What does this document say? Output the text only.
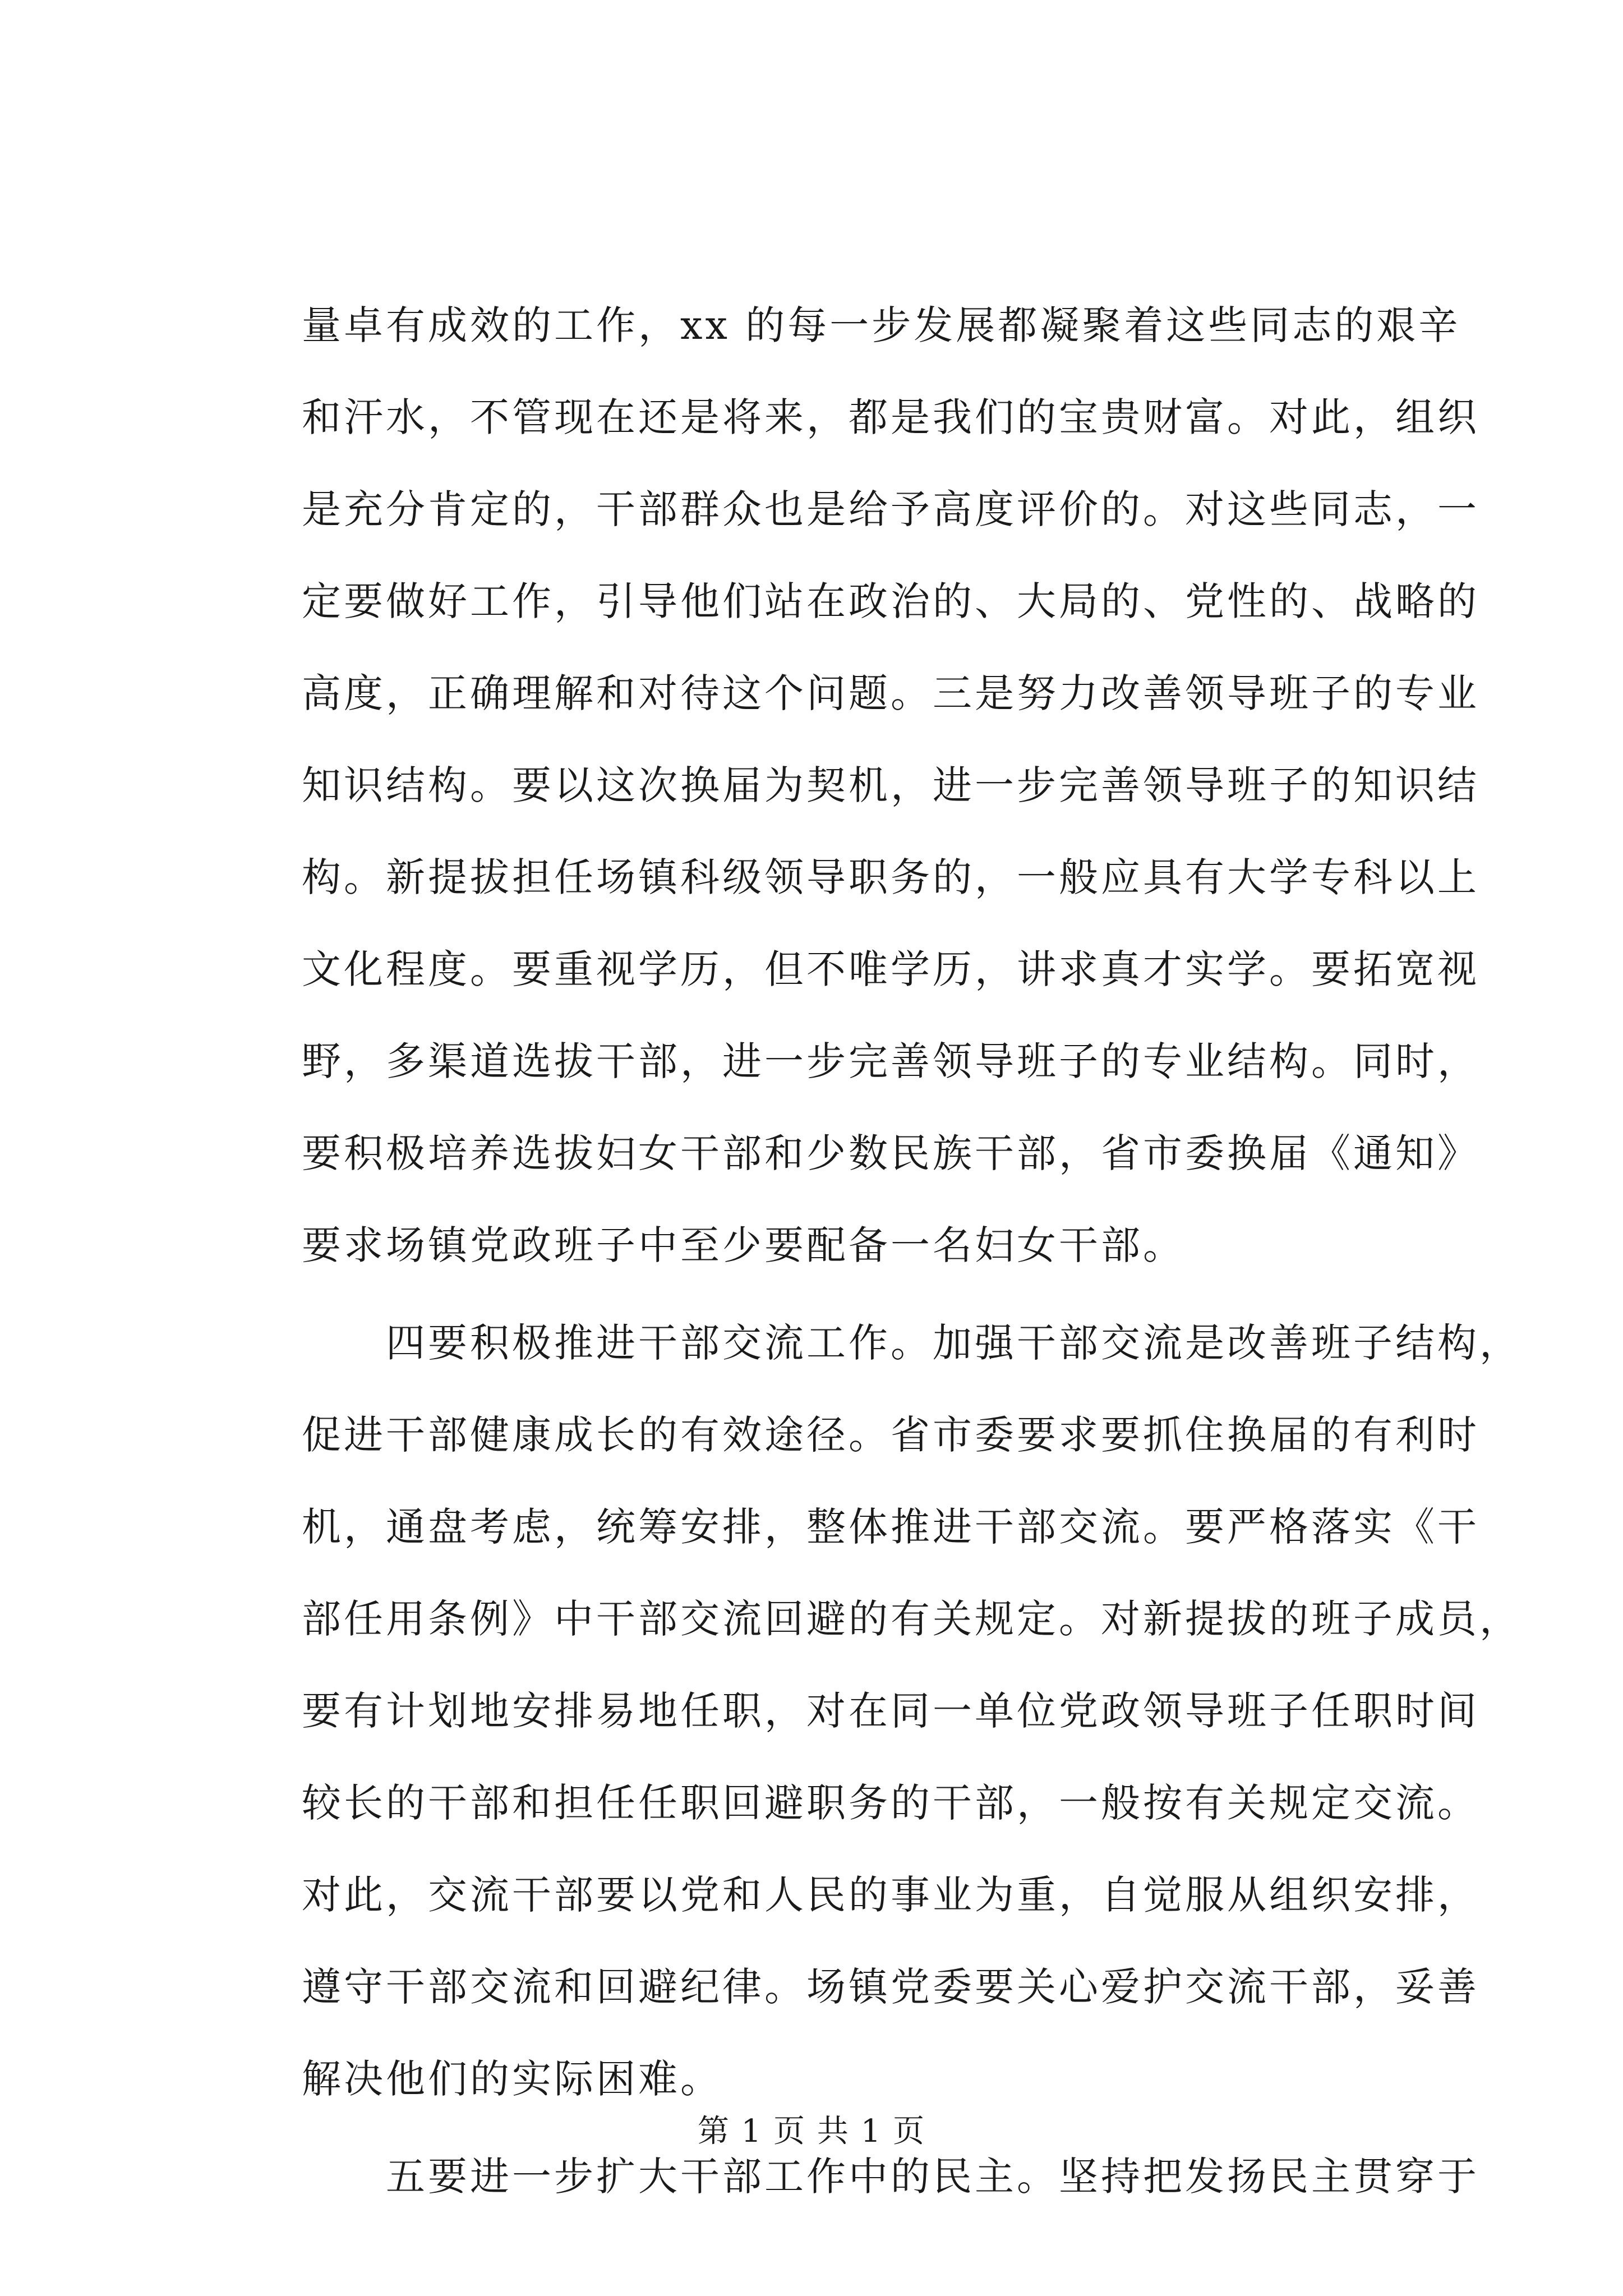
量卓有成效的工作，xx 的每一步发展都凝聚着这些同志的艰辛
和汗水，不管现在还是将来，都是我们的宝贵财富。对此，组织
是充分肯定的，干部群众也是给予高度评价的。对这些同志，一
定要做好工作，引导他们站在政治的、大局的、党性的、战略的
高度，正确理解和对待这个问题。三是努力改善领导班子的专业
知识结构。要以这次换届为契机，进一步完善领导班子的知识结
构。新提拔担任场镇科级领导职务的，一般应具有大学专科以上
文化程度。要重视学历，但不唯学历，讲求真才实学。要拓宽视
野，多渠道选拔干部，进一步完善领导班子的专业结构。同时，
要积极培养选拔妇女干部和少数民族干部，省市委换届《通知》
要求场镇党政班子中至少要配备一名妇女干部。
四要积极推进干部交流工作。加强干部交流是改善班子结构，
促进干部健康成长的有效途径。省市委要求要抓住换届的有利时
机，通盘考虑，统筹安排，整体推进干部交流。要严格落实《干
部任用条例》中干部交流回避的有关规定。对新提拔的班子成员，
要有计划地安排易地任职，对在同一单位党政领导班子任职时间
较长的干部和担任任职回避职务的干部，一般按有关规定交流。
对此，交流干部要以党和人民的事业为重，自觉服从组织安排，
遵守干部交流和回避纪律。场镇党委要关心爱护交流干部，妥善
解决他们的实际困难。
五要进一步扩大干部工作中的民主。坚持把发扬民主贯穿于
第 1 页 共 1 页
